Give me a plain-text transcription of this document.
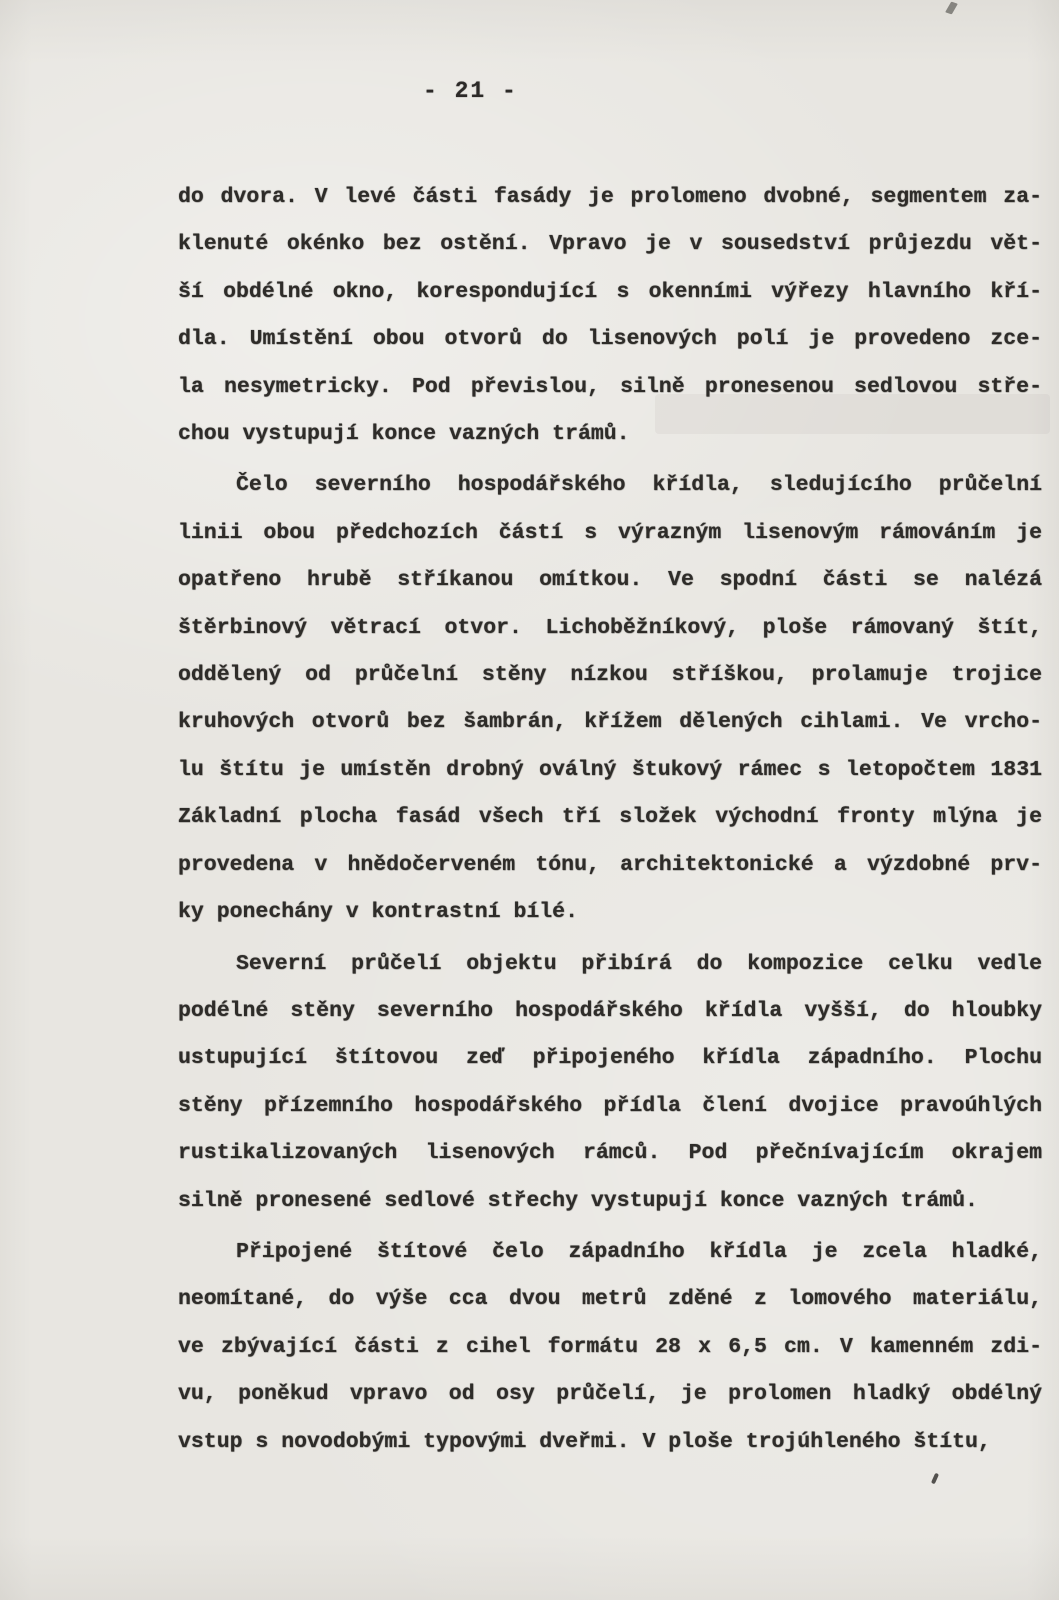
- 21 -
do dvora. V levé části fasády je prolomeno dvobné, segmentem za-
klenuté okénko bez ostění. Vpravo je v sousedství průjezdu vět-
ší obdélné okno, korespondující s okenními výřezy hlavního kří-
dla. Umístění obou otvorů do lisenových polí je provedeno zce-
la nesymetricky. Pod převislou, silně pronesenou sedlovou stře-
chou vystupují konce vazných trámů.
Čelo severního hospodářského křídla, sledujícího průčelní
linii obou předchozích částí s výrazným lisenovým rámováním je
opatřeno hrubě stříkanou omítkou. Ve spodní části se nalézá
štěrbinový větrací otvor. Lichoběžníkový, ploše rámovaný štít,
oddělený od průčelní stěny nízkou stříškou, prolamuje trojice
kruhových otvorů bez šambrán, křížem dělených cihlami. Ve vrcho-
lu štítu je umístěn drobný oválný štukový rámec s letopočtem 1831
Základní plocha fasád všech tří složek východní fronty mlýna je
provedena v hnědočerveném tónu, architektonické a výzdobné prv-
ky ponechány v kontrastní bílé.
Severní průčelí objektu přibírá do kompozice celku vedle
podélné stěny severního hospodářského křídla vyšší, do hloubky
ustupující štítovou zeď připojeného křídla západního. Plochu
stěny přízemního hospodářského přídla člení dvojice pravoúhlých
rustikalizovaných lisenových rámců. Pod přečnívajícím okrajem
silně pronesené sedlové střechy vystupují konce vazných trámů.
Připojené štítové čelo západního křídla je zcela hladké,
neomítané, do výše cca dvou metrů zděné z lomového materiálu,
ve zbývající části z cihel formátu 28 x 6,5 cm. V kamenném zdi-
vu, poněkud vpravo od osy průčelí, je prolomen hladký obdélný
vstup s novodobými typovými dveřmi. V ploše trojúhleného štítu,
